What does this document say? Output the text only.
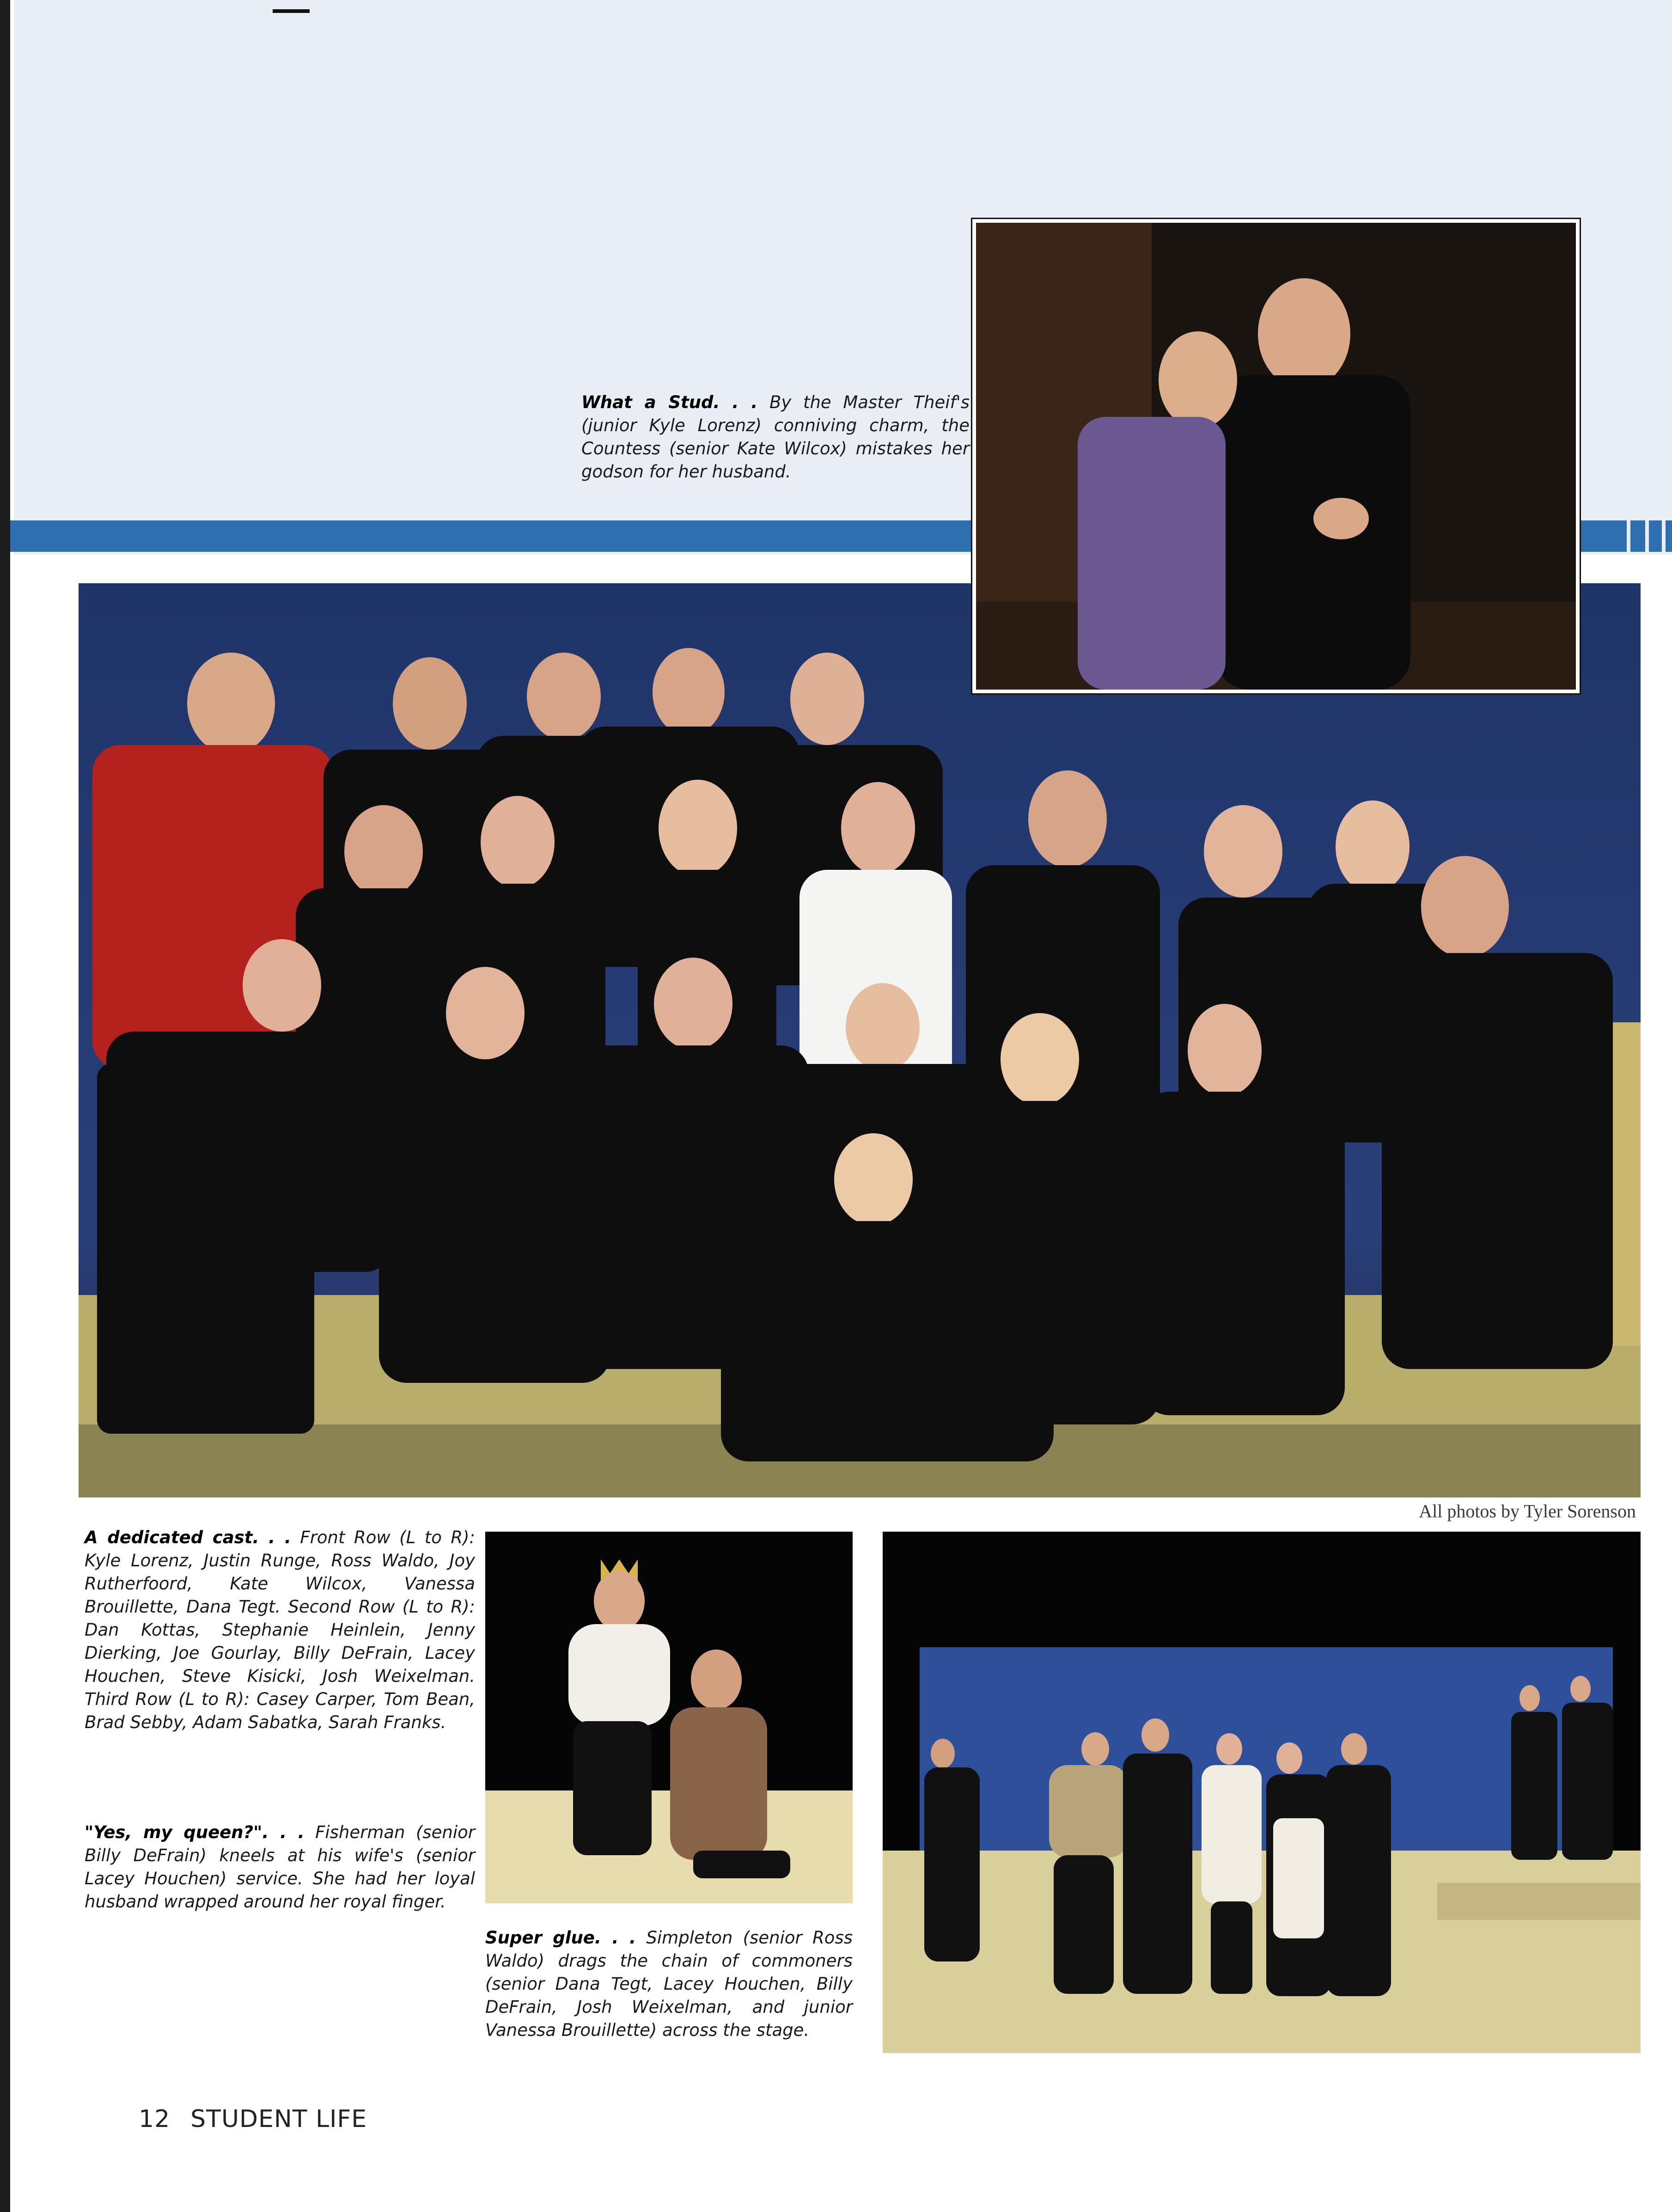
All photos by Tyler Sorenson
What a Stud. . . By the Master Theif's (junior Kyle Lorenz) conniving charm, the Countess (senior Kate Wilcox) mistakes her godson for her husband.
A dedicated cast. . . Front Row (L to R): Kyle Lorenz, Justin Runge, Ross Waldo, Joy Rutherfoord, Kate Wilcox, Vanessa Brouillette, Dana Tegt. Second Row (L to R): Dan Kottas, Stephanie Heinlein, Jenny Dierking, Joe Gourlay, Billy DeFrain, Lacey Houchen, Steve Kisicki, Josh Weixelman. Third Row (L to R): Casey Carper, Tom Bean, Brad Sebby, Adam Sabatka, Sarah Franks.
"Yes, my queen?". . . Fisherman (senior Billy DeFrain) kneels at his wife's (senior Lacey Houchen) service. She had her loyal husband wrapped around her royal finger.
Super glue. . . Simpleton (senior Ross Waldo) drags the chain of commoners (senior Dana Tegt, Lacey Houchen, Billy DeFrain, Josh Weixelman, and junior Vanessa Brouillette) across the stage.
12 STUDENT LIFE
